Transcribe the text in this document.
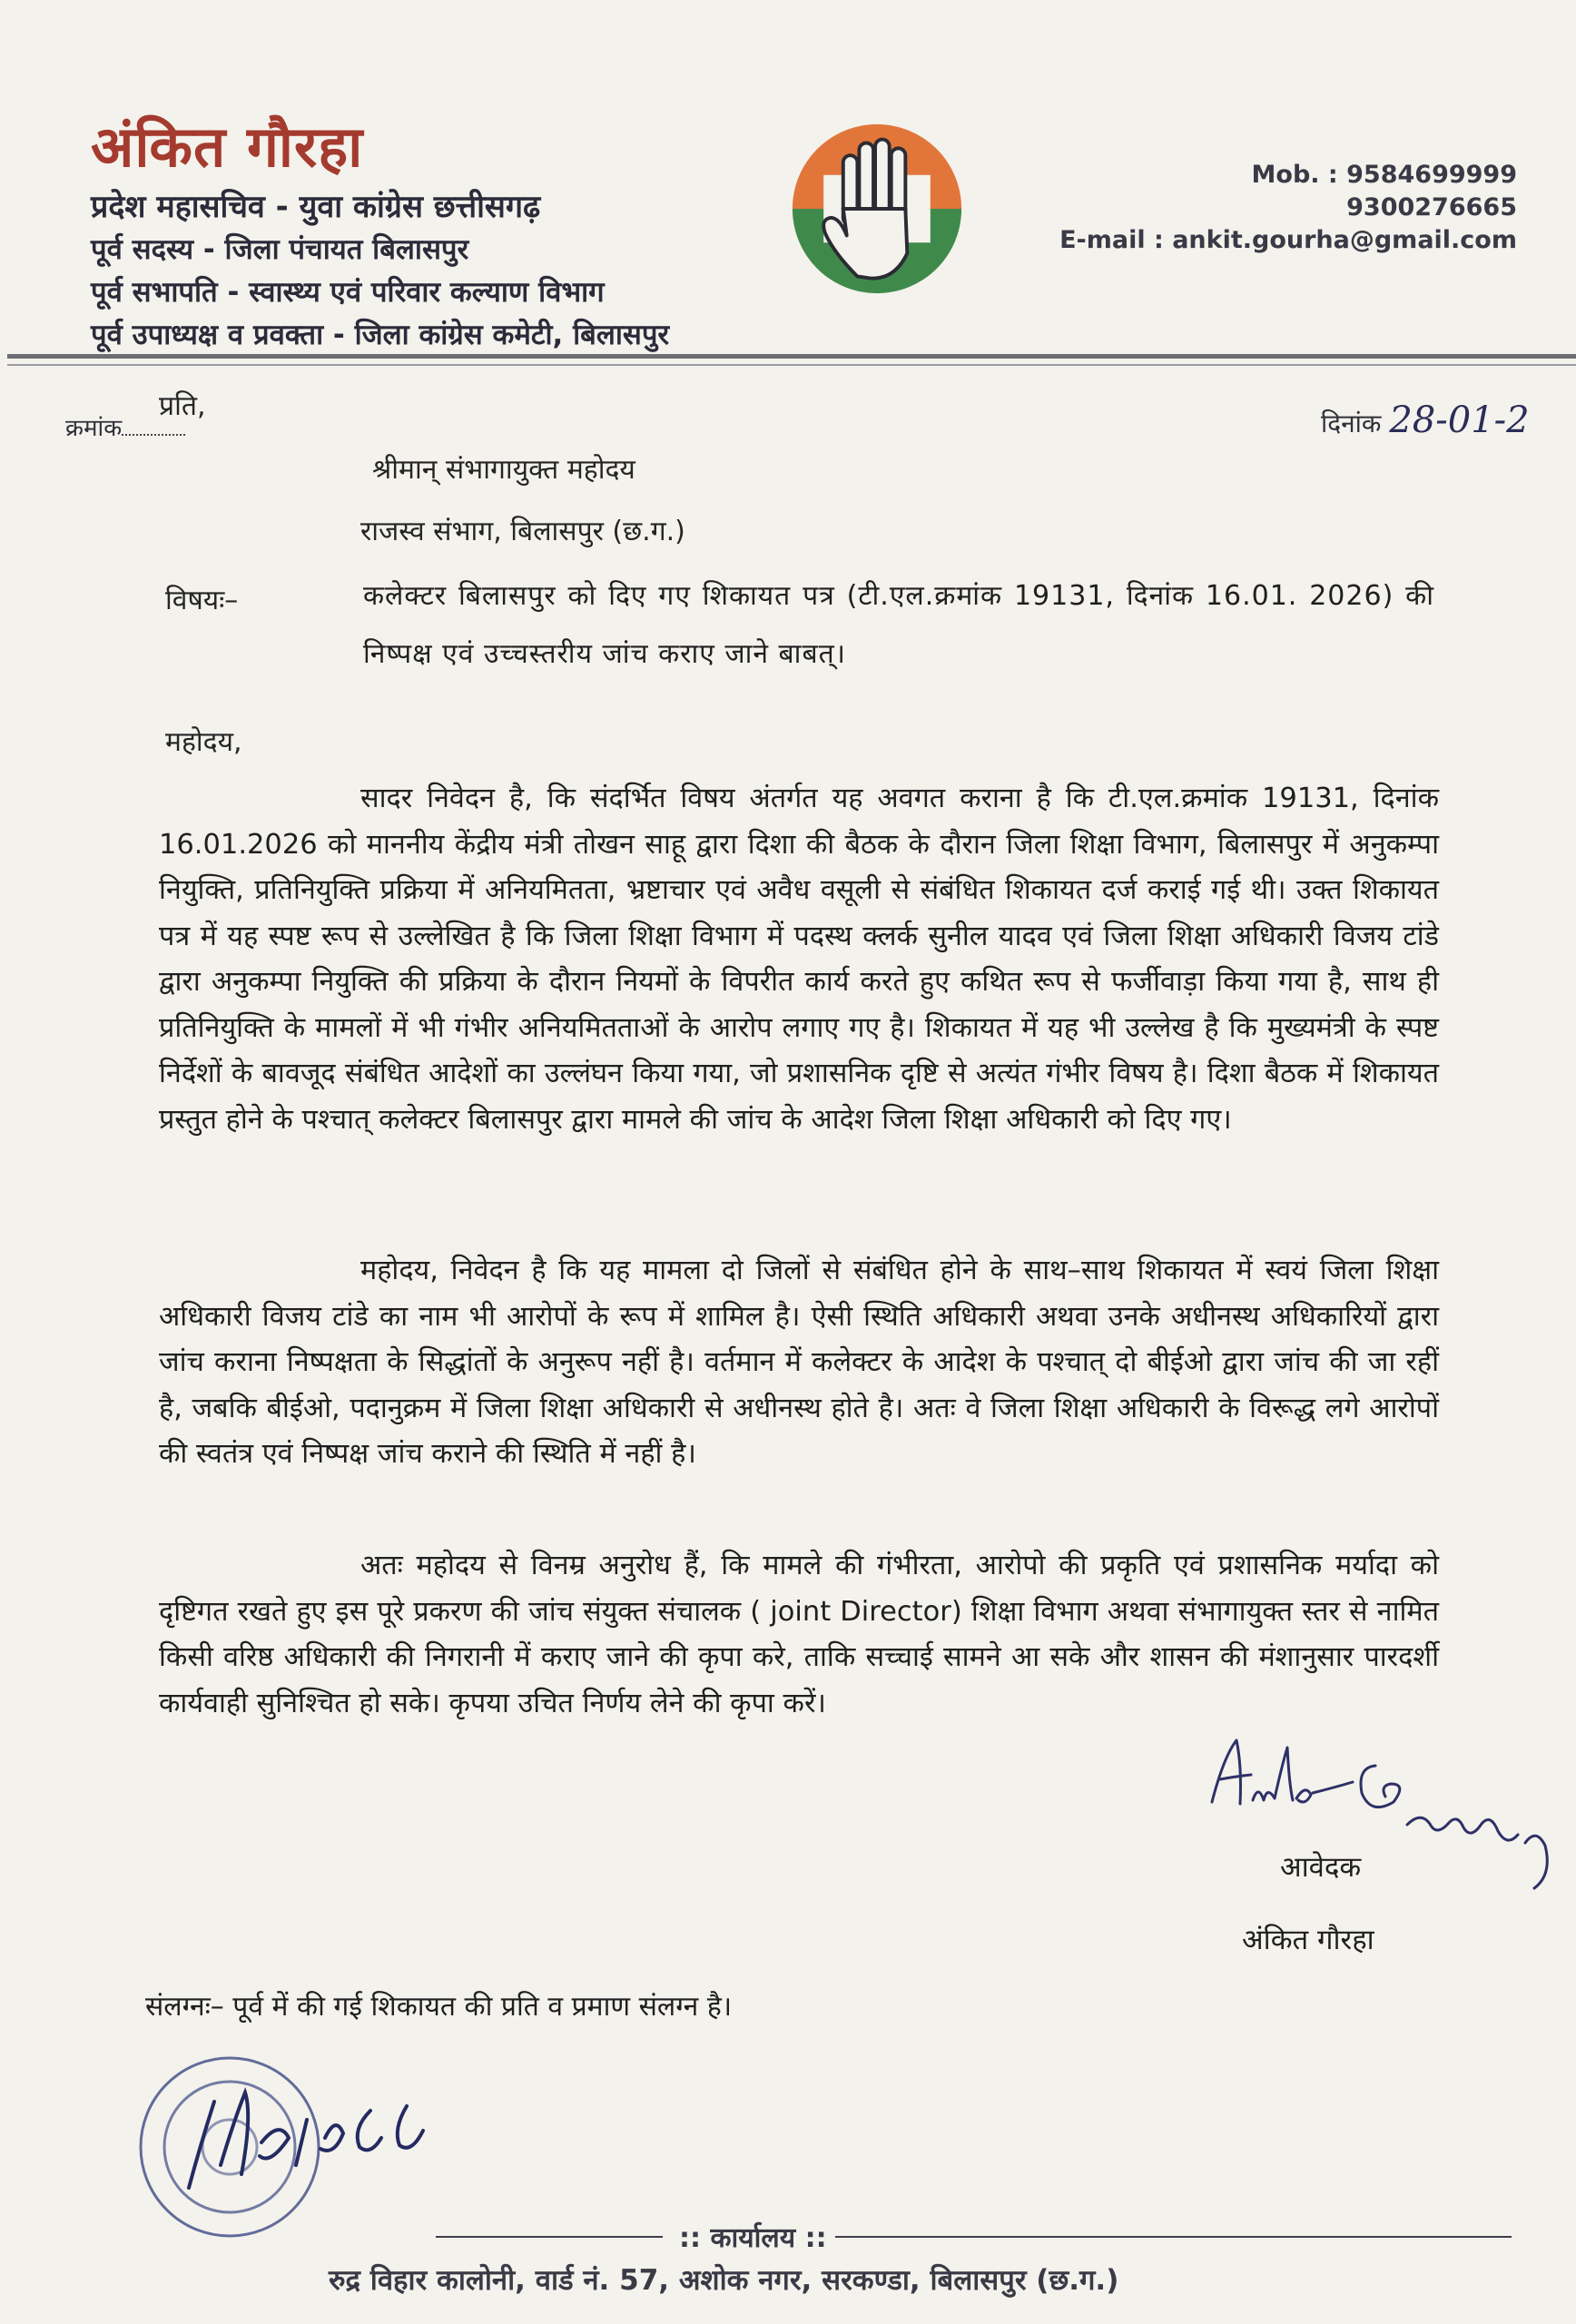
अंकित गौरहा
प्रदेश महासचिव - युवा कांग्रेस छत्तीसगढ़
पूर्व सदस्य - जिला पंचायत बिलासपुर
पूर्व सभापति - स्वास्थ्य एवं परिवार कल्याण विभाग
पूर्व उपाध्यक्ष व प्रवक्ता - जिला कांग्रेस कमेटी, बिलासपुर
Mob. : 9584699999
9300276665
E-mail : ankit.gourha@gmail.com
प्रति,
क्रमांक	दिनांक 28-01-2
श्रीमान् संभागायुक्त महोदय
राजस्व संभाग, बिलासपुर (छ.ग.)
विषयः–	कलेक्टर बिलासपुर को दिए गए शिकायत पत्र (टी.एल.क्रमांक 19131, दिनांक 16.01. 2026) की निष्पक्ष एवं उच्चस्तरीय जांच कराए जाने बाबत्।
महोदय,
सादर निवेदन है, कि संदर्भित विषय अंतर्गत यह अवगत कराना है कि टी.एल.क्रमांक 19131, दिनांक 16.01.2026 को माननीय केंद्रीय मंत्री तोखन साहू द्वारा दिशा की बैठक के दौरान जिला शिक्षा विभाग, बिलासपुर में अनुकम्पा नियुक्ति, प्रतिनियुक्ति प्रक्रिया में अनियमितता, भ्रष्टाचार एवं अवैध वसूली से संबंधित शिकायत दर्ज कराई गई थी। उक्त शिकायत पत्र में यह स्पष्ट रूप से उल्लेखित है कि जिला शिक्षा विभाग में पदस्थ क्लर्क सुनील यादव एवं जिला शिक्षा अधिकारी विजय टांडे द्वारा अनुकम्पा नियुक्ति की प्रक्रिया के दौरान नियमों के विपरीत कार्य करते हुए कथित रूप से फर्जीवाड़ा किया गया है, साथ ही प्रतिनियुक्ति के मामलों में भी गंभीर अनियमितताओं के आरोप लगाए गए है। शिकायत में यह भी उल्लेख है कि मुख्यमंत्री के स्पष्ट निर्देशों के बावजूद संबंधित आदेशों का उल्लंघन किया गया, जो प्रशासनिक दृष्टि से अत्यंत गंभीर विषय है। दिशा बैठक में शिकायत प्रस्तुत होने के पश्चात् कलेक्टर बिलासपुर द्वारा मामले की जांच के आदेश जिला शिक्षा अधिकारी को दिए गए।
महोदय, निवेदन है कि यह मामला दो जिलों से संबंधित होने के साथ–साथ शिकायत में स्वयं जिला शिक्षा अधिकारी विजय टांडे का नाम भी आरोपों के रूप में शामिल है। ऐसी स्थिति अधिकारी अथवा उनके अधीनस्थ अधिकारियों द्वारा जांच कराना निष्पक्षता के सिद्धांतों के अनुरूप नहीं है। वर्तमान में कलेक्टर के आदेश के पश्चात् दो बीईओ द्वारा जांच की जा रहीं है, जबकि बीईओ, पदानुक्रम में जिला शिक्षा अधिकारी से अधीनस्थ होते है। अतः वे जिला शिक्षा अधिकारी के विरूद्ध लगे आरोपों की स्वतंत्र एवं निष्पक्ष जांच कराने की स्थिति में नहीं है।
अतः महोदय से विनम्र अनुरोध हैं, कि मामले की गंभीरता, आरोपो की प्रकृति एवं प्रशासनिक मर्यादा को दृष्टिगत रखते हुए इस पूरे प्रकरण की जांच संयुक्त संचालक ( joint Director) शिक्षा विभाग अथवा संभागायुक्त स्तर से नामित किसी वरिष्ठ अधिकारी की निगरानी में कराए जाने की कृपा करे, ताकि सच्चाई सामने आ सके और शासन की मंशानुसार पारदर्शी कार्यवाही सुनिश्चित हो सके। कृपया उचित निर्णय लेने की कृपा करें।
आवेदक
अंकित गौरहा
संलग्नः– पूर्व में की गई शिकायत की प्रति व प्रमाण संलग्न है।
:: कार्यालय ::
रुद्र विहार कालोनी, वार्ड नं. 57, अशोक नगर, सरकण्डा, बिलासपुर (छ.ग.)
